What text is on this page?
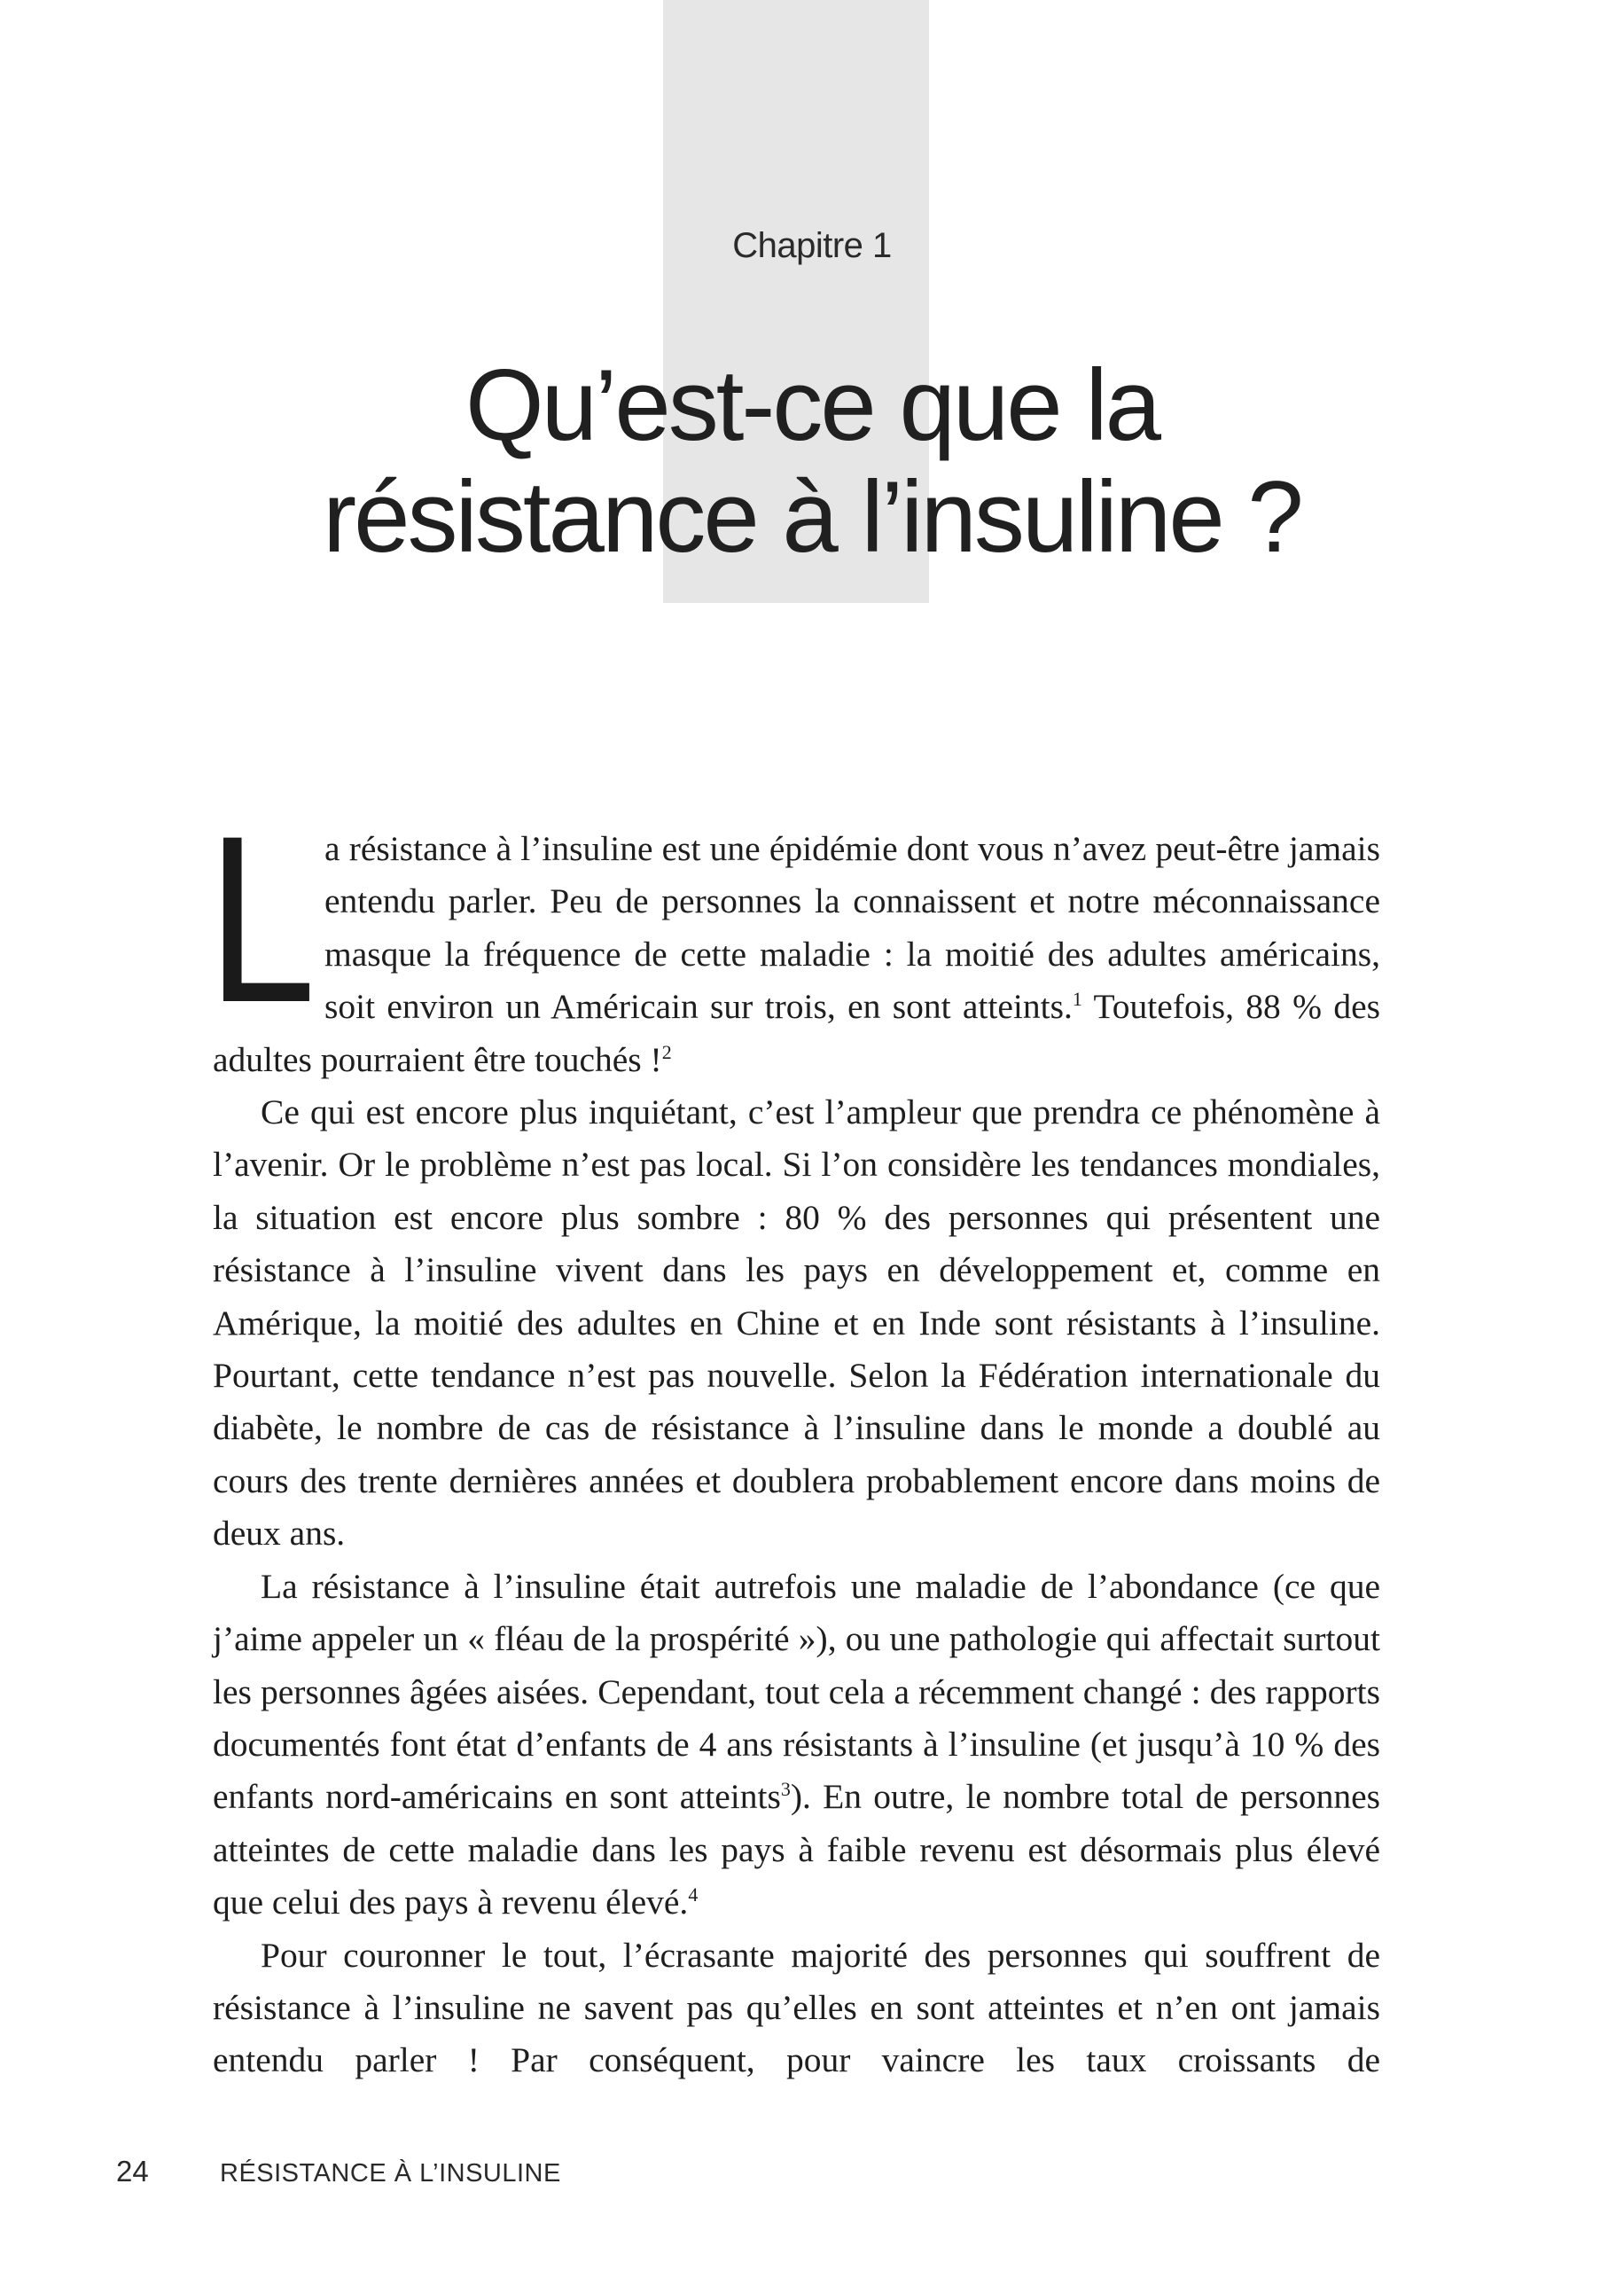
Chapitre 1
Qu’est-ce que la
résistance à l’insuline ?

La résistance à l’insuline est une épidémie dont vous n’avez peut-être jamais entendu parler. Peu de personnes la connaissent et notre méconnaissance masque la fréquence de cette maladie : la moitié des adultes américains, soit environ un Américain sur trois, en sont atteints.$^1$ Toutefois, 88 % des adultes pourraient être touchés !$^2$

Ce qui est encore plus inquiétant, c’est l’ampleur que prendra ce phénomène à l’avenir. Or le problème n’est pas local. Si l’on considère les tendances mondiales, la situation est encore plus sombre : 80 % des personnes qui présentent une résistance à l’insuline vivent dans les pays en développement et, comme en Amérique, la moitié des adultes en Chine et en Inde sont résistants à l’insuline. Pourtant, cette tendance n’est pas nouvelle. Selon la Fédération internationale du diabète, le nombre de cas de résistance à l’insuline dans le monde a doublé au cours des trente dernières années et doublera probablement encore dans moins de deux ans.

La résistance à l’insuline était autrefois une maladie de l’abondance (ce que j’aime appeler un « fléau de la prospérité »), ou une pathologie qui affectait surtout les personnes âgées aisées. Cependant, tout cela a récemment changé : des rapports documentés font état d’enfants de 4 ans résistants à l’insuline (et jusqu’à 10 % des enfants nord-américains en sont atteints$^3$). En outre, le nombre total de personnes atteintes de cette maladie dans les pays à faible revenu est désormais plus élevé que celui des pays à revenu élevé.$^4$

Pour couronner le tout, l’écrasante majorité des personnes qui souffrent de résistance à l’insuline ne savent pas qu’elles en sont atteintes et n’en ont jamais entendu parler ! Par conséquent, pour vaincre les taux croissants de

24	RÉSISTANCE À L’INSULINE
